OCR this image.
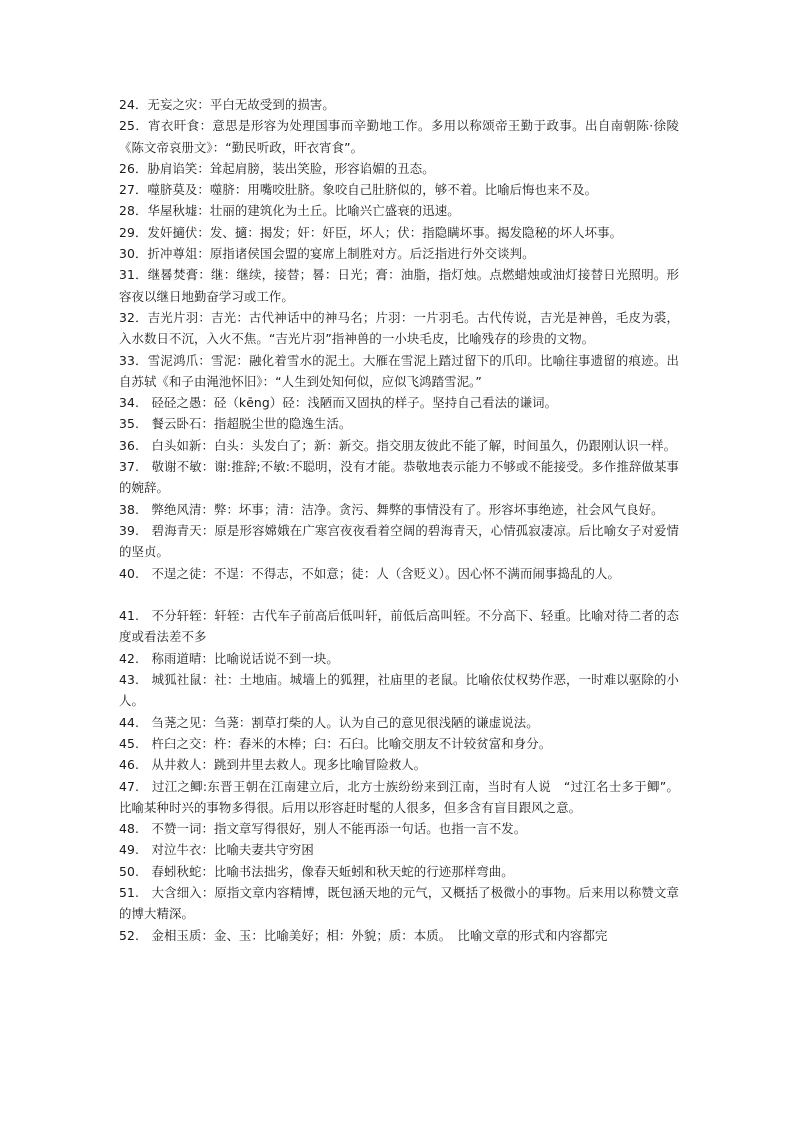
24．无妄之灾：平白无故受到的损害。

25．宵衣旰食：意思是形容为处理国事而辛勤地工作。多用以称颂帝王勤于政事。出自南朝陈·徐陵《陈文帝哀册文》：“勤民听政，旰衣宵食”。

26．胁肩谄笑：耸起肩膀，装出笑脸，形容谄媚的丑态。

27．噬脐莫及：噬脐：用嘴咬肚脐。象咬自己肚脐似的，够不着。比喻后悔也来不及。

28．华屋秋墟：壮丽的建筑化为土丘。比喻兴亡盛衰的迅速。

29．发奸擿伏：发、擿：揭发；奸：奸臣，坏人；伏：指隐瞒坏事。揭发隐秘的坏人坏事。

30．折冲尊俎：原指诸侯国会盟的宴席上制胜对方。后泛指进行外交谈判。

31．继晷焚膏：继：继续，接替；晷：日光；膏：油脂，指灯烛。点燃蜡烛或油灯接替日光照明。形容夜以继日地勤奋学习或工作。

32．吉光片羽：吉光：古代神话中的神马名；片羽：一片羽毛。古代传说，吉光是神兽，毛皮为裘，入水数日不沉，入火不焦。“吉光片羽”指神兽的一小块毛皮，比喻残存的珍贵的文物。

33．雪泥鸿爪：雪泥：融化着雪水的泥土。大雁在雪泥上踏过留下的爪印。比喻往事遗留的痕迹。出自苏轼《和子由渑池怀旧》：“人生到处知何似，应似飞鸿踏雪泥。”

34.　硁硁之愚：硁（kēng）硁：浅陋而又固执的样子。坚持自己看法的谦词。

35.　餐云卧石：指超脱尘世的隐逸生活。

36.　白头如新：白头：头发白了；新：新交。指交朋友彼此不能了解，时间虽久，仍跟刚认识一样。

37.　敬谢不敏：谢:推辞;不敏:不聪明，没有才能。恭敬地表示能力不够或不能接受。多作推辞做某事的婉辞。

38.　弊绝风清：弊：坏事；清：洁净。贪污、舞弊的事情没有了。形容坏事绝迹，社会风气良好。

39.　碧海青天：原是形容嫦娥在广寒宫夜夜看着空阔的碧海青天，心情孤寂凄凉。后比喻女子对爱情的坚贞。

40.　不逞之徒：不逞：不得志，不如意；徒：人（含贬义）。因心怀不满而闹事捣乱的人。

41.　不分轩轾：轩轾：古代车子前高后低叫轩，前低后高叫轾。不分高下、轻重。比喻对待二者的态度或看法差不多

42.　称雨道晴：比喻说话说不到一块。

43.　城狐社鼠：社：土地庙。城墙上的狐狸，社庙里的老鼠。比喻依仗权势作恶，一时难以驱除的小人。

44.　刍荛之见：刍荛：割草打柴的人。认为自己的意见很浅陋的谦虚说法。

45.　杵臼之交：杵：舂米的木棒；臼：石臼。比喻交朋友不计较贫富和身分。

46.　从井救人：跳到井里去救人。现多比喻冒险救人。

47.　过江之鲫:东晋王朝在江南建立后，北方士族纷纷来到江南，当时有人说　“过江名士多于鲫”。比喻某种时兴的事物多得很。后用以形容赶时髦的人很多，但多含有盲目跟风之意。

48.　不赞一词：指文章写得很好，别人不能再添一句话。也指一言不发。

49.　对泣牛衣：比喻夫妻共守穷困

50.　春蚓秋蛇：比喻书法拙劣，像春天蚯蚓和秋天蛇的行迹那样弯曲。

51.　大含细入：原指文章内容精博，既包涵天地的元气，又概括了极微小的事物。后来用以称赞文章的博大精深。

52.　金相玉质：金、玉：比喻美好；相：外貌；质：本质。　比喻文章的形式和内容都完
